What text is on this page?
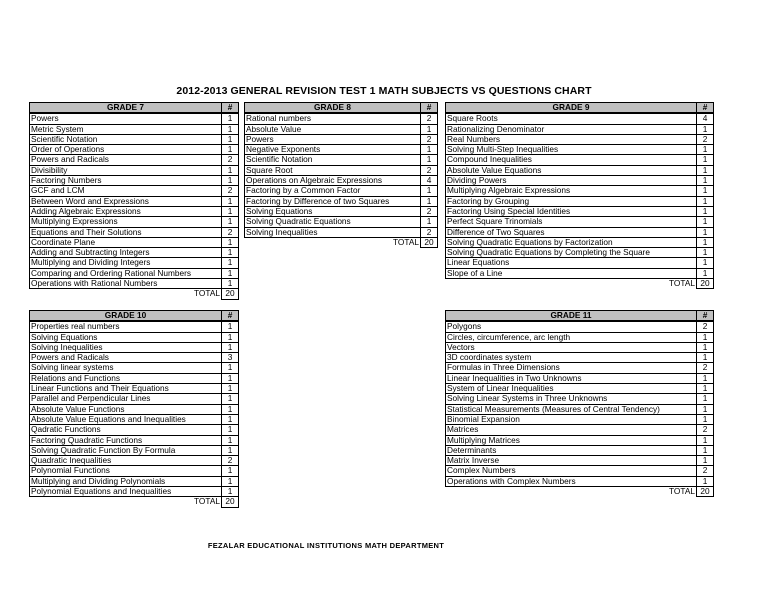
2012-2013 GENERAL REVISION TEST 1 MATH SUBJECTS VS QUESTIONS CHART
GRADE 7	#
Powers	1
Metric System	1
Scientific Notation	1
Order of Operations	1
Powers and Radicals	2
Divisibility	1
Factoring Numbers	1
GCF and LCM	2
Between Word and Expressions	1
Adding Algebraic Expressions	1
Multiplying Expressions	1
Equations and Their Solutions	2
Coordinate Plane	1
Adding and Subtracting Integers	1
Multiplying and Dividing Integers	1
Comparing and Ordering Rational Numbers	1
Operations with Rational Numbers	1
TOTAL	20
GRADE 8	#
Rational numbers	2
Absolute Value	1
Powers	2
Negative Exponents	1
Scientific Notation	1
Square Root	2
Operations on Algebraic Expressions	4
Factoring by a Common Factor	1
Factoring by Difference of two Squares	1
Solving Equations	2
Solving Quadratic Equations	1
Solving Inequalities	2
TOTAL	20
GRADE 9	#
Square Roots	4
Rationalizing Denominator	1
Real Numbers	2
Solving Multi-Step Inequalities	1
Compound Inequalities	1
Absolute Value Equations	1
Dividing Powers	1
Multiplying Algebraic Expressions	1
Factoring by Grouping	1
Factoring Using Special Identities	1
Perfect Square Trinomials	1
Difference of Two Squares	1
Solving Quadratic Equations by Factorization	1
Solving Quadratic Equations by Completing the Square	1
Linear Equations	1
Slope of a Line	1
TOTAL	20
GRADE 10	#
Properties real numbers	1
Solving Equations	1
Solving Inequalities	1
Powers and Radicals	3
Solving linear systems	1
Relations and Functions	1
Linear Functions and Their Equations	1
Parallel and Perpendicular Lines	1
Absolute Value Functions	1
Absolute Value Equations and Inequalities	1
Qadratic Functions	1
Factoring Quadratic Functions	1
Solving Quadratic Function By Formula	1
Quadratic Inequalities	2
Polynomial Functions	1
Multiplying and Dividing Polynomials	1
Polynomial Equations and Inequalities	1
TOTAL	20
GRADE 11	#
Polygons	2
Circles, circumference, arc length	1
Vectors	1
3D coordinates system	1
Formulas in Three Dimensions	2
Linear Inequalities in Two Unknowns	1
System of Linear Inequalities	1
Solving Linear Systems in Three Unknowns	1
Statistical Measurements (Measures of Central Tendency)	1
Binomial Expansion	1
Matrices	2
Multiplying Matrices	1
Determinants	1
Matrix Inverse	1
Complex Numbers	2
Operations with Complex Numbers	1
TOTAL	20
FEZALAR EDUCATIONAL INSTITUTIONS MATH DEPARTMENT
